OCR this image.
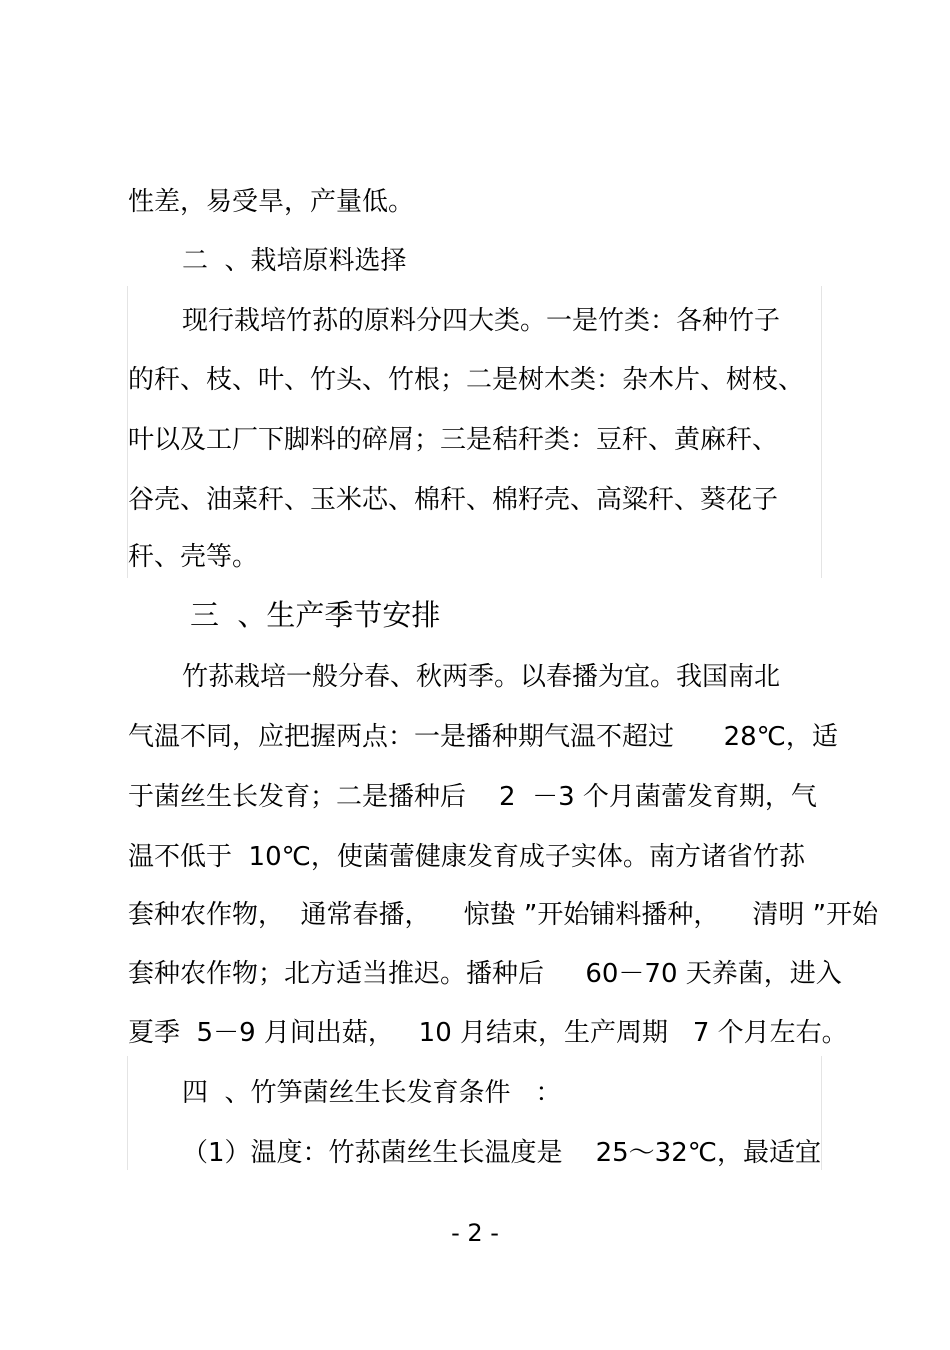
性差，易受旱，产量低。
二  、栽培原料选择
现行栽培竹荪的原料分四大类。一是竹类：各种竹子
的秆、枝、叶、竹头、竹根；二是树木类：杂木片、树枝、
叶以及工厂下脚料的碎屑；三是秸秆类：豆秆、黄麻秆、
谷壳、油菜秆、玉米芯、棉秆、棉籽壳、高粱秆、葵花子
秆、壳等。
三  、生产季节安排
竹荪栽培一般分春、秋两季。以春播为宜。我国南北
气温不同，应把握两点：一是播种期气温不超过      28℃，适
于菌丝生长发育；二是播种后    2  －3 个月菌蕾发育期，气
温不低于  10℃，使菌蕾健康发育成子实体。南方诸省竹荪
套种农作物，  通常春播，    惊蛰 ”开始铺料播种，    清明 ”开始
套种农作物；北方适当推迟。播种后     60－70 天养菌，进入
夏季  5－9 月间出菇，   10 月结束，生产周期   7 个月左右。
四  、竹笋菌丝生长发育条件   ：
（1）温度：竹荪菌丝生长温度是    25～32℃，最适宜
- 2 -
